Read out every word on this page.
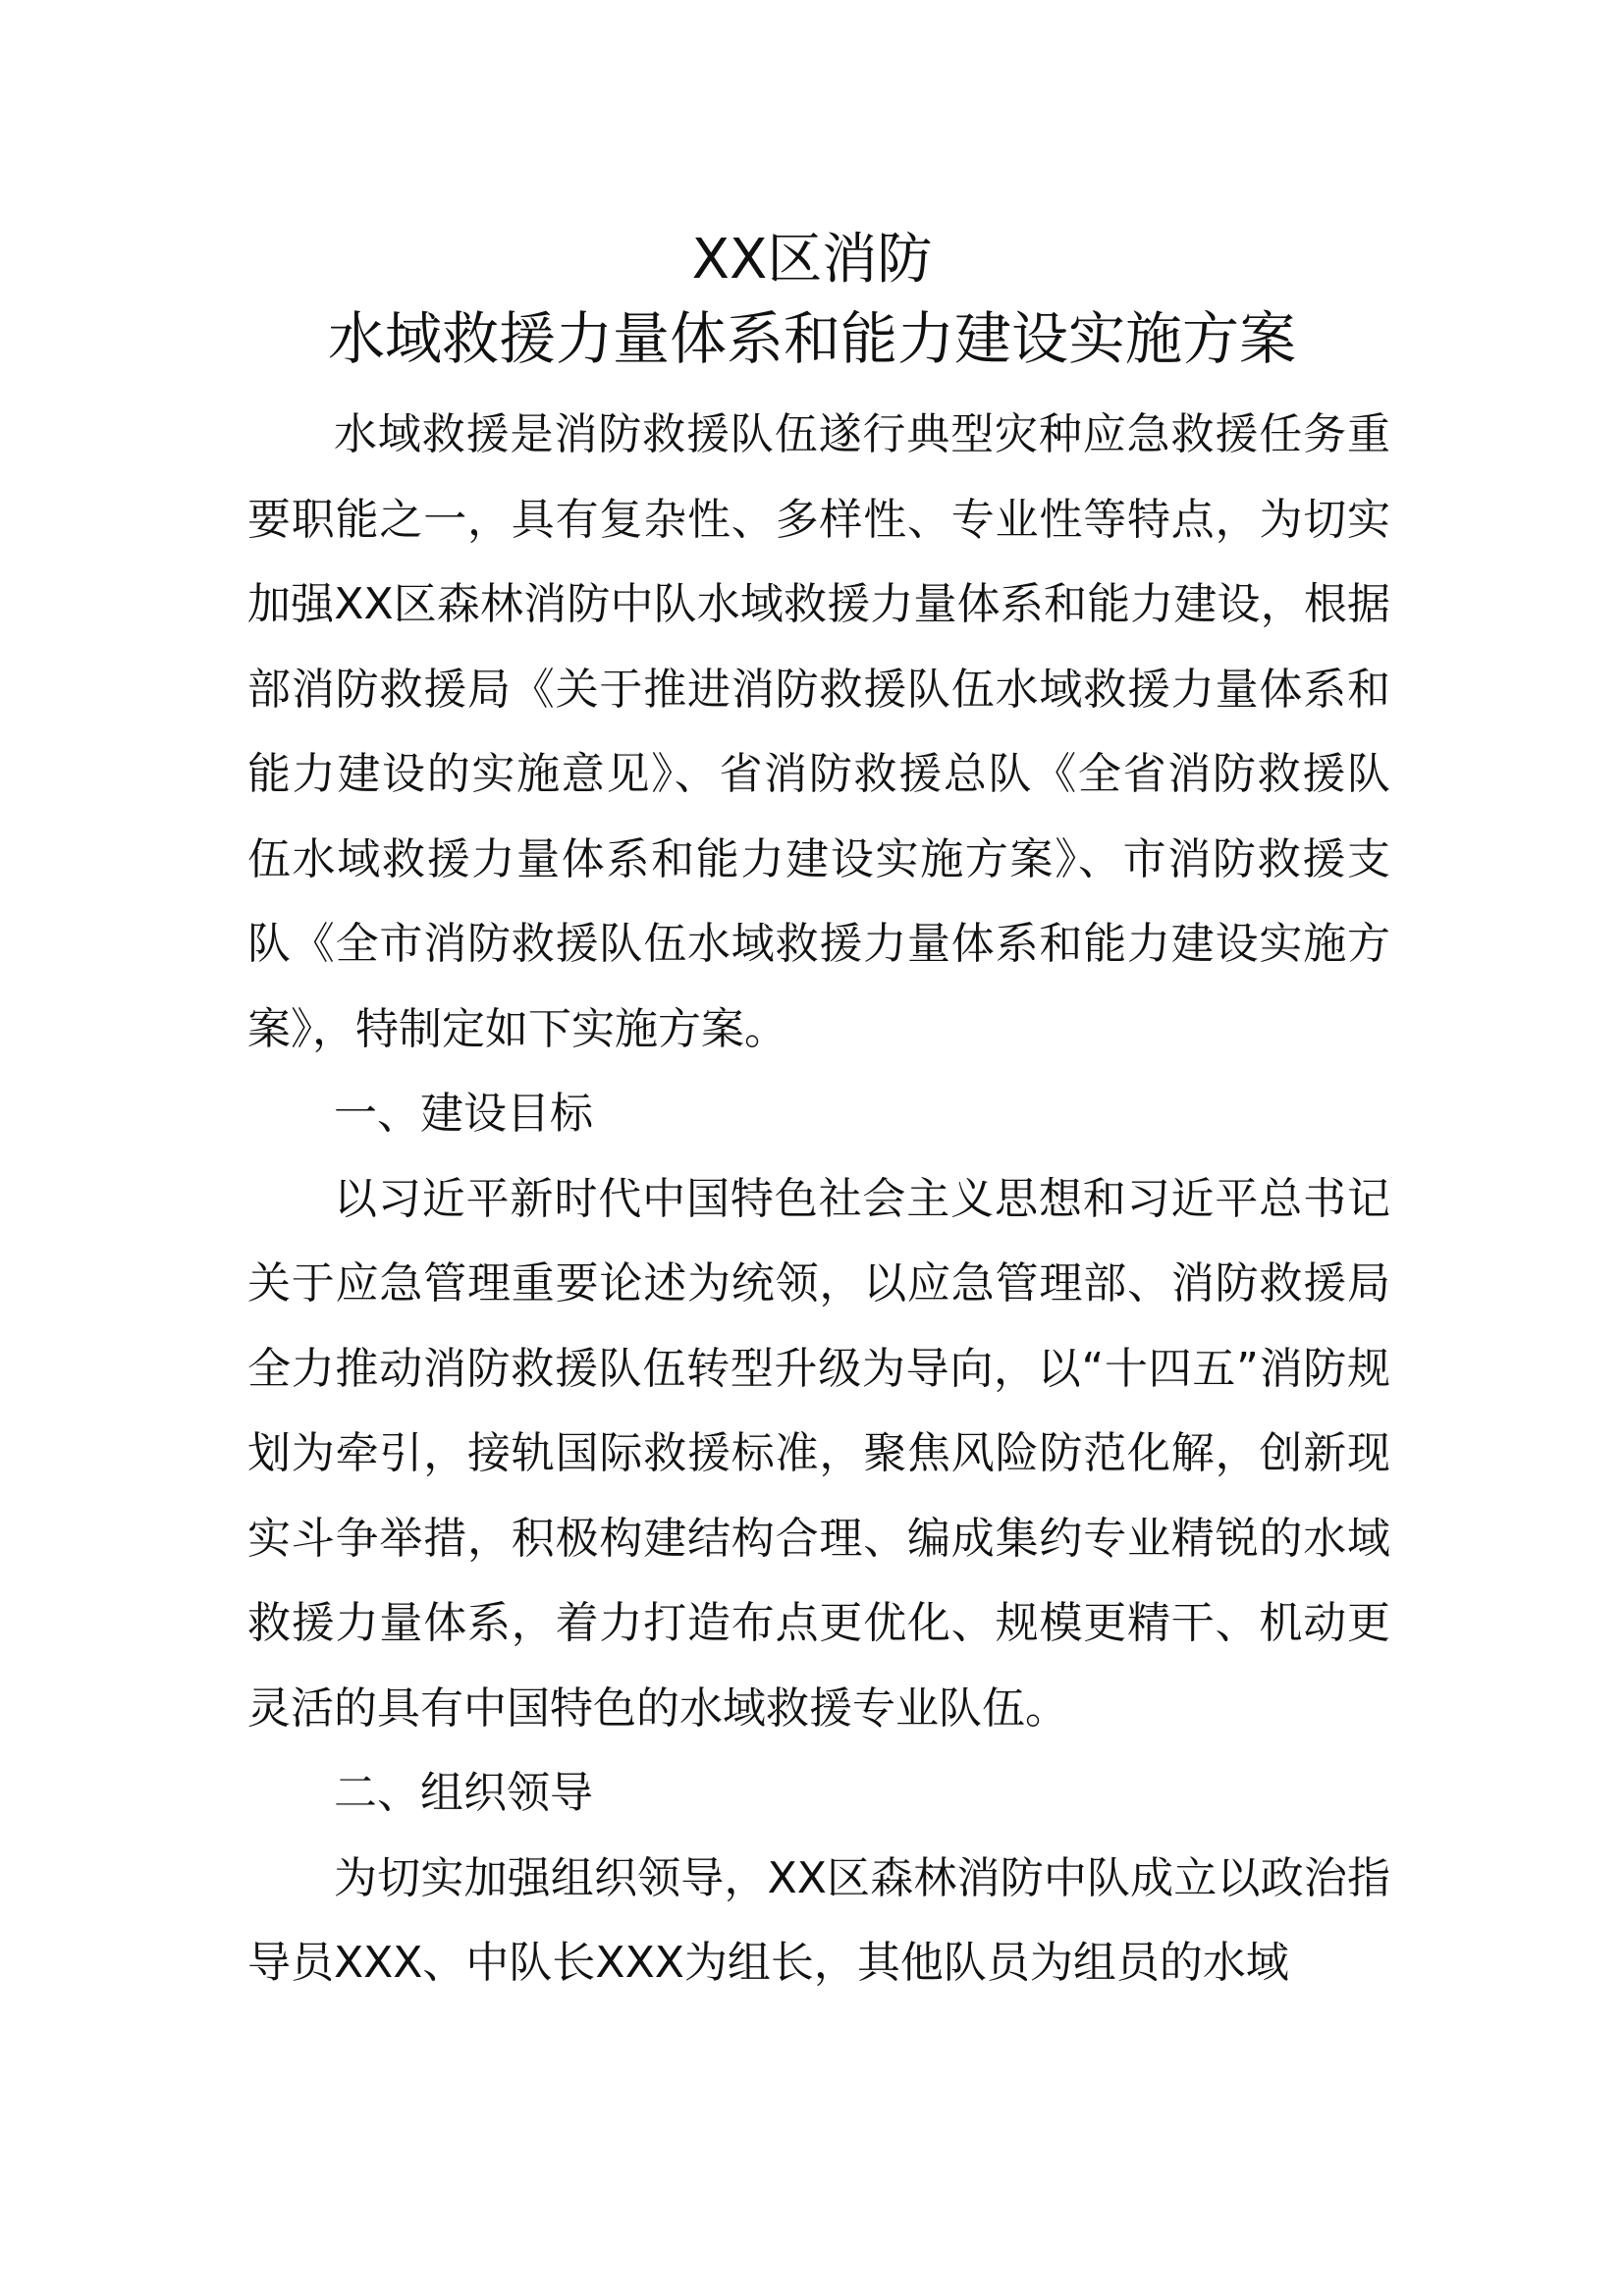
XX区消防
水域救援力量体系和能力建设实施方案

水域救援是消防救援队伍遂行典型灾种应急救援任务重要职能之一，具有复杂性、多样性、专业性等特点，为切实加强XX区森林消防中队水域救援力量体系和能力建设，根据部消防救援局《关于推进消防救援队伍水域救援力量体系和能力建设的实施意见》、省消防救援总队《全省消防救援队伍水域救援力量体系和能力建设实施方案》、市消防救援支队《全市消防救援队伍水域救援力量体系和能力建设实施方案》，特制定如下实施方案。

一、建设目标

以习近平新时代中国特色社会主义思想和习近平总书记关于应急管理重要论述为统领，以应急管理部、消防救援局全力推动消防救援队伍转型升级为导向，以“十四五”消防规划为牵引，接轨国际救援标准，聚焦风险防范化解，创新现实斗争举措，积极构建结构合理、编成集约专业精锐的水域救援力量体系，着力打造布点更优化、规模更精干、机动更灵活的具有中国特色的水域救援专业队伍。

二、组织领导

为切实加强组织领导，XX区森林消防中队成立以政治指导员XXX、中队长XXX为组长，其他队员为组员的水域
